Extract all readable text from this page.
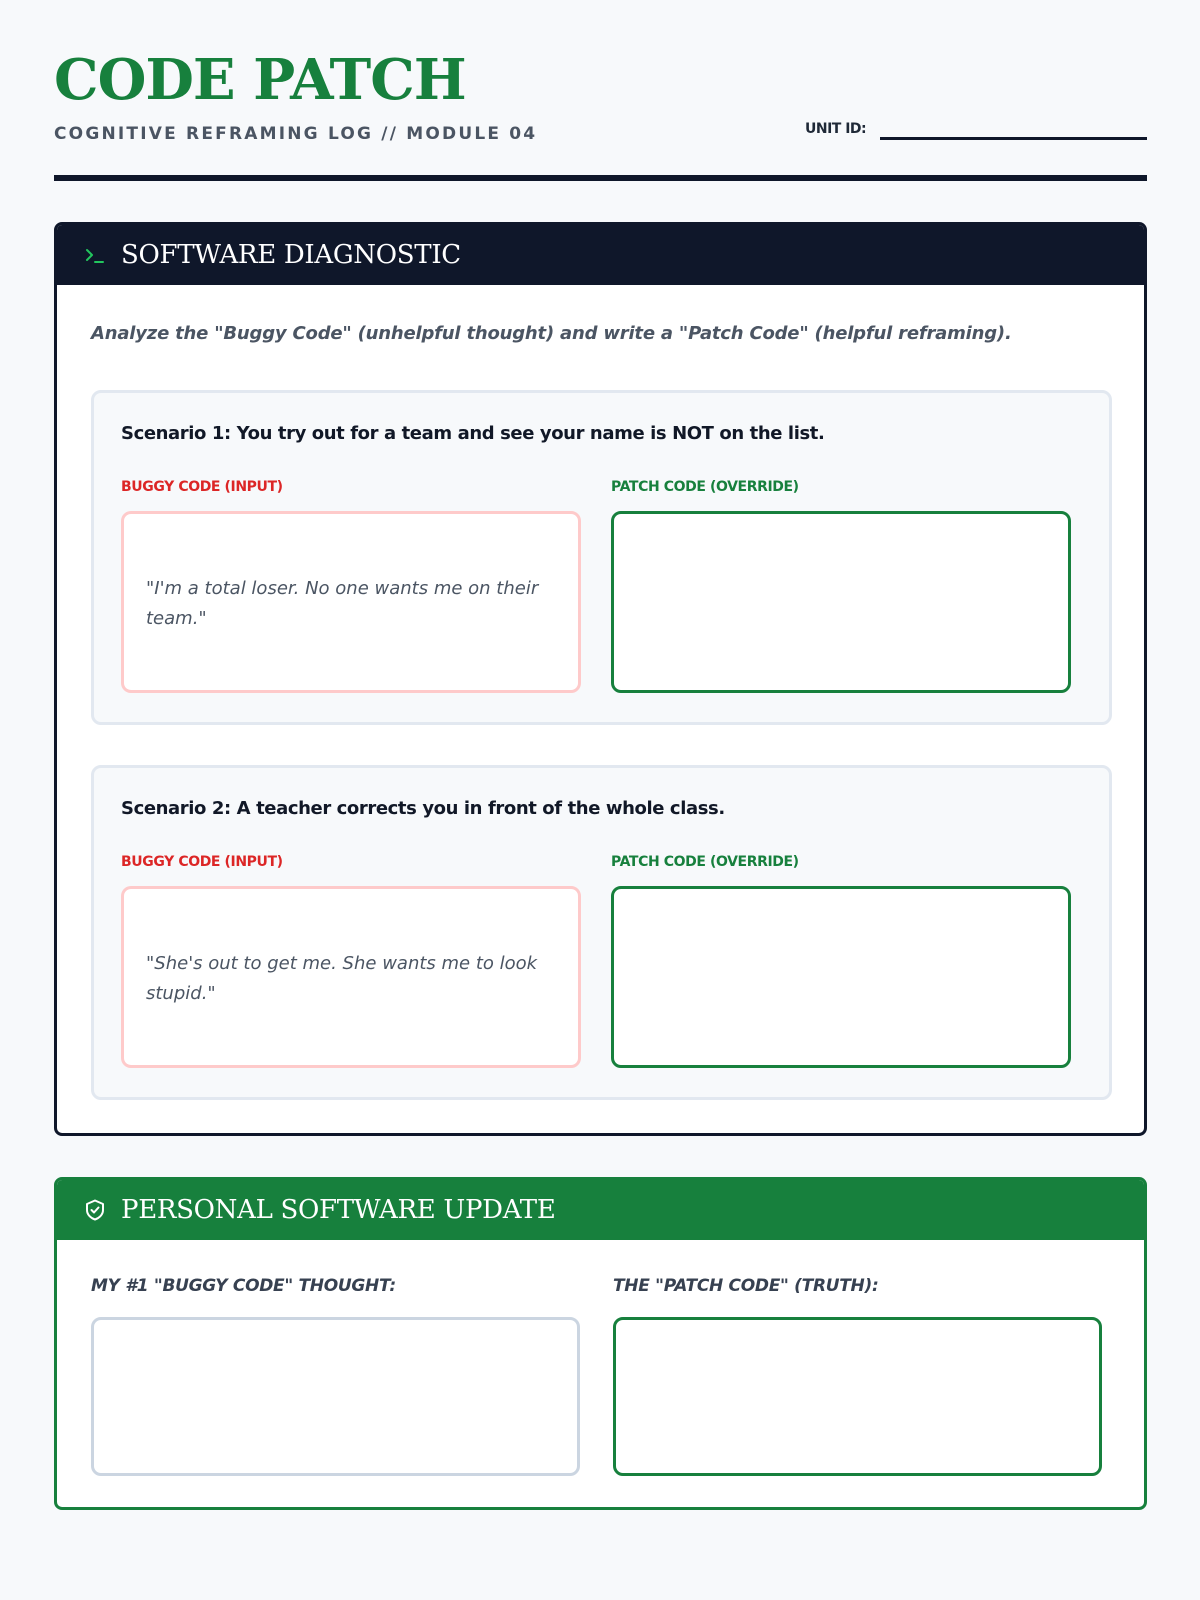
CODE PATCH
COGNITIVE REFRAMING LOG // MODULE 04	UNIT ID:
SOFTWARE DIAGNOSTIC
Analyze the "Buggy Code" (unhelpful thought) and write a "Patch Code" (helpful reframing).
Scenario 1: You try out for a team and see your name is NOT on the list.
BUGGY CODE (INPUT)	PATCH CODE (OVERRIDE)
"I'm a total loser. No one wants me on their team."
Scenario 2: A teacher corrects you in front of the whole class.
BUGGY CODE (INPUT)	PATCH CODE (OVERRIDE)
"She's out to get me. She wants me to look stupid."
PERSONAL SOFTWARE UPDATE
MY #1 "BUGGY CODE" THOUGHT:	THE "PATCH CODE" (TRUTH):
